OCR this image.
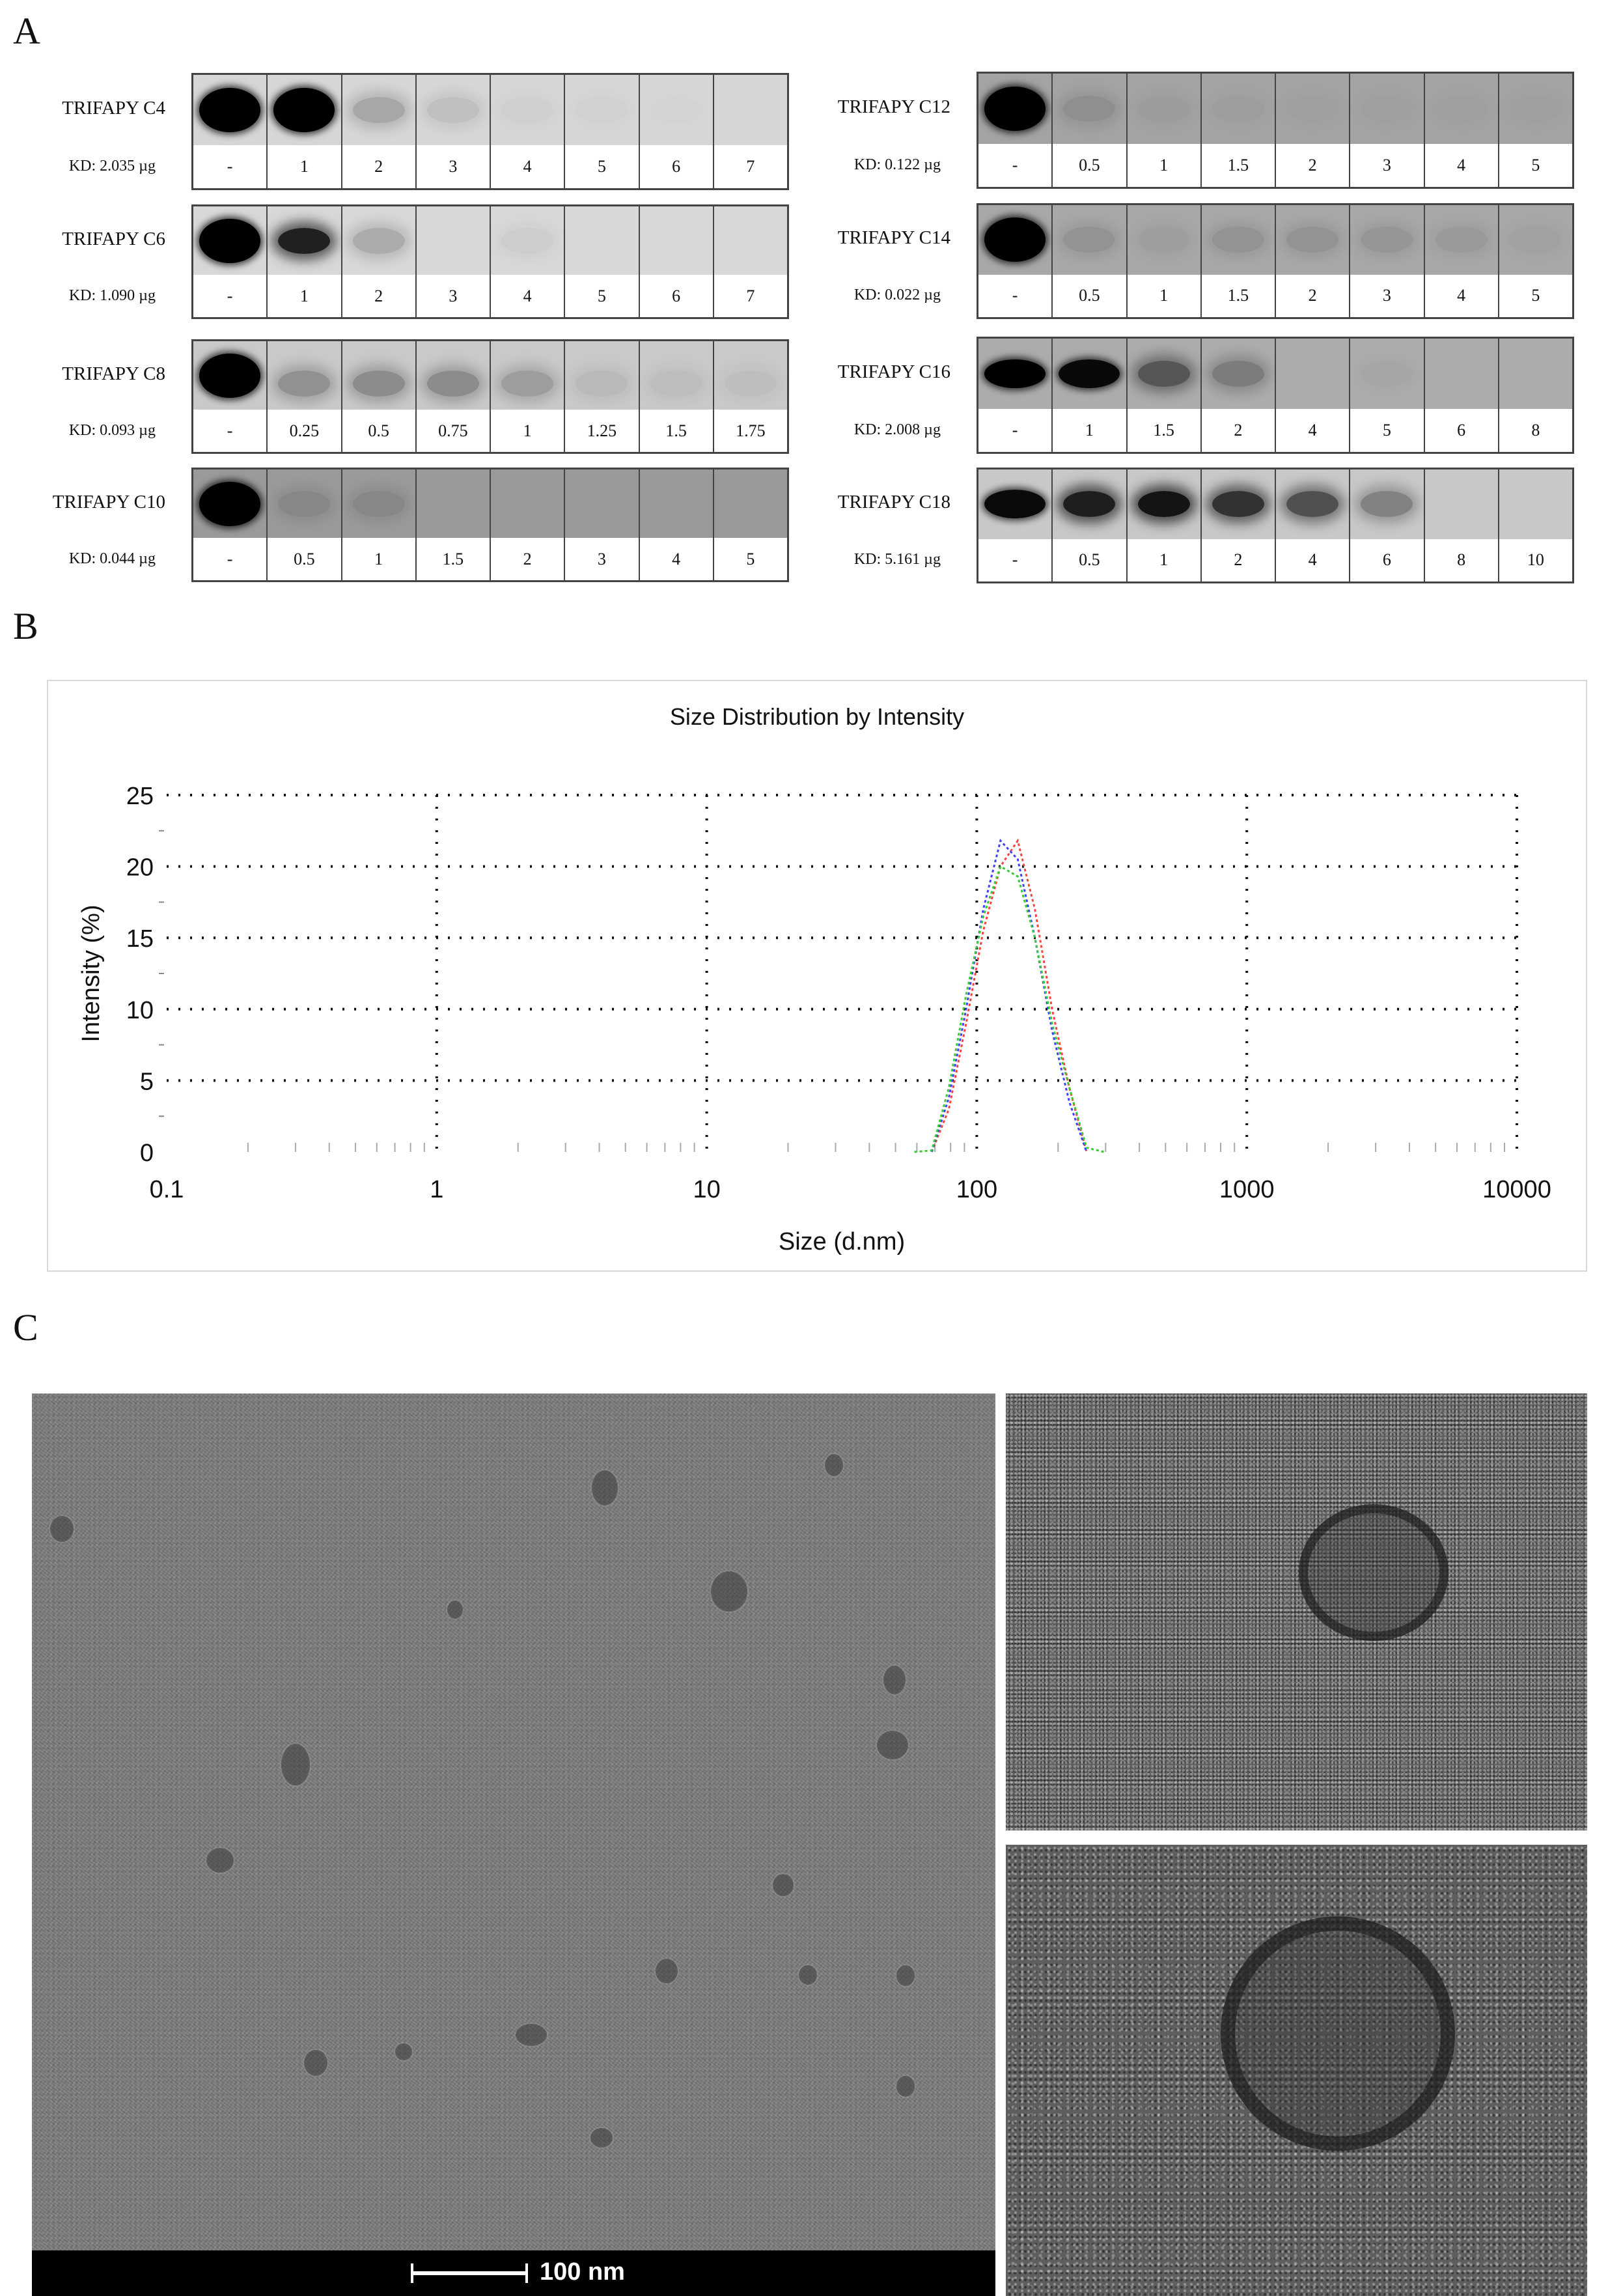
A
B
C
TRIFAPY C4
KD: 2.035 µg	-	1	2	3	4	5	6	7
TRIFAPY C6
KD: 1.090 µg	-	1	2	3	4	5	6	7
TRIFAPY C8
KD: 0.093 µg	-	0.25	0.5	0.75	1	1.25	1.5	1.75
TRIFAPY C10
KD: 0.044 µg	-	0.5	1	1.5	2	3	4	5
TRIFAPY C12
KD: 0.122 µg	-	0.5	1	1.5	2	3	4	5
TRIFAPY C14
KD: 0.022 µg	-	0.5	1	1.5	2	3	4	5
TRIFAPY C16
KD: 2.008 µg	-	1	1.5	2	4	5	6	8
TRIFAPY C18
KD: 5.161 µg	-	0.5	1	2	4	6	8	10
Size Distribution by Intensity
0
5
10
15
20
25
0.1	1	10	100	1000	10000
Size (d.nm)
Intensity (%)
100 nm
